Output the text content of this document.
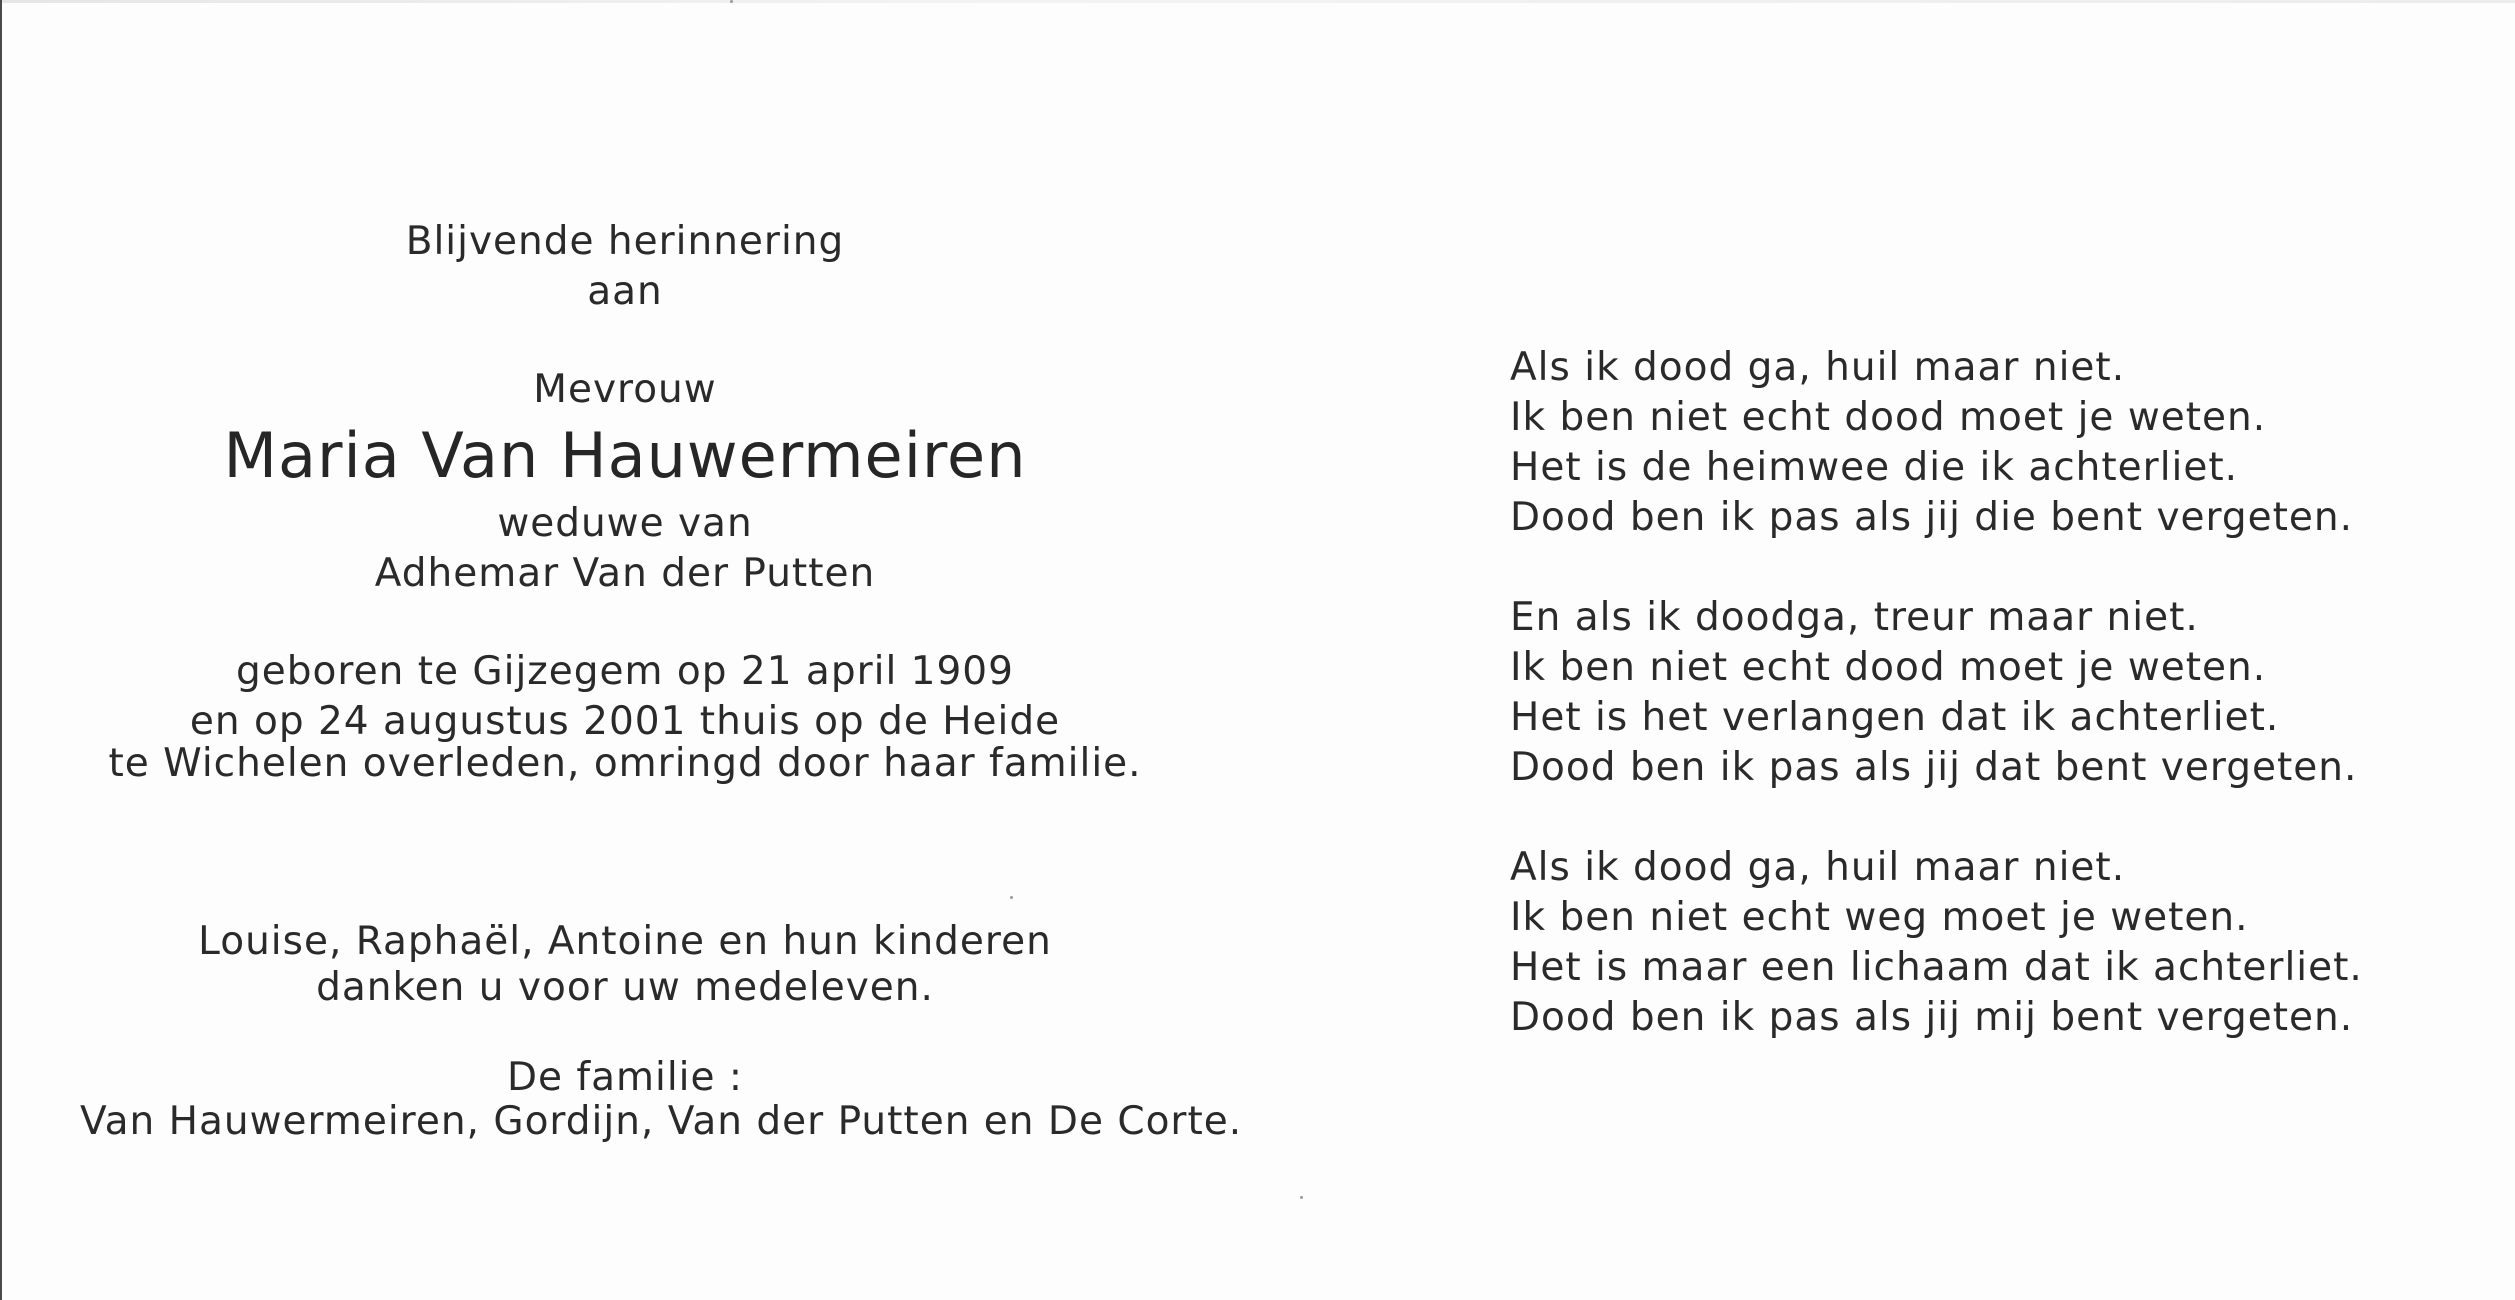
Blijvende herinnering
aan
Mevrouw
Maria Van Hauwermeiren
weduwe van
Adhemar Van der Putten
geboren te Gijzegem op 21 april 1909
en op 24 augustus 2001 thuis op de Heide
te Wichelen overleden, omringd door haar familie.
Louise, Raphaël, Antoine en hun kinderen
danken u voor uw medeleven.
De familie :
Van Hauwermeiren, Gordijn, Van der Putten en De Corte.
Als ik dood ga, huil maar niet.
Ik ben niet echt dood moet je weten.
Het is de heimwee die ik achterliet.
Dood ben ik pas als jij die bent vergeten.
En als ik doodga, treur maar niet.
Ik ben niet echt dood moet je weten.
Het is het verlangen dat ik achterliet.
Dood ben ik pas als jij dat bent vergeten.
Als ik dood ga, huil maar niet.
Ik ben niet echt weg moet je weten.
Het is maar een lichaam dat ik achterliet.
Dood ben ik pas als jij mij bent vergeten.
